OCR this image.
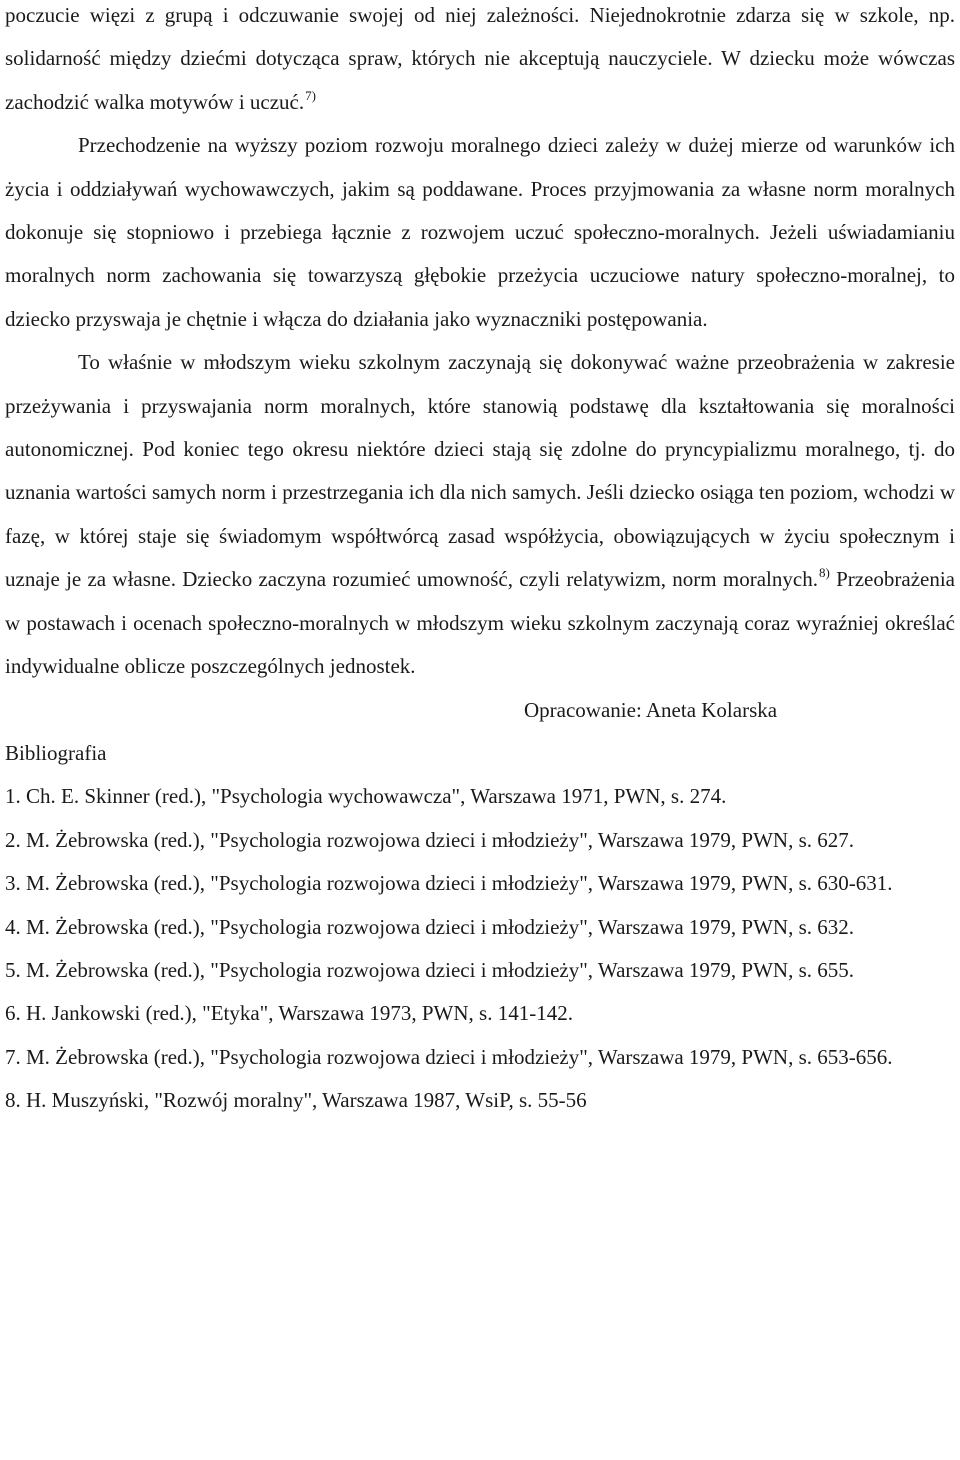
poczucie więzi z grupą i odczuwanie swojej od niej zależności. Niejednokrotnie zdarza się w szkole, np. solidarność między dziećmi dotycząca spraw, których nie akceptują nauczyciele. W dziecku może wówczas zachodzić walka motywów i uczuć.$^{7)}$

Przechodzenie na wyższy poziom rozwoju moralnego dzieci zależy w dużej mierze od warunków ich życia i oddziaływań wychowawczych, jakim są poddawane. Proces przyjmowania za własne norm moralnych dokonuje się stopniowo i przebiega łącznie z rozwojem uczuć społeczno-moralnych. Jeżeli uświadamianiu moralnych norm zachowania się towarzyszą głębokie przeżycia uczuciowe natury społeczno-moralnej, to dziecko przyswaja je chętnie i włącza do działania jako wyznaczniki postępowania.

To właśnie w młodszym wieku szkolnym zaczynają się dokonywać ważne przeobrażenia w zakresie przeżywania i przyswajania norm moralnych, które stanowią podstawę dla kształtowania się moralności autonomicznej. Pod koniec tego okresu niektóre dzieci stają się zdolne do pryncypializmu moralnego, tj. do uznania wartości samych norm i przestrzegania ich dla nich samych. Jeśli dziecko osiąga ten poziom, wchodzi w fazę, w której staje się świadomym współtwórcą zasad współżycia, obowiązujących w życiu społecznym i uznaje je za własne. Dziecko zaczyna rozumieć umowność, czyli relatywizm, norm moralnych.$^{8)}$ Przeobrażenia w postawach i ocenach społeczno-moralnych w młodszym wieku szkolnym zaczynają coraz wyraźniej określać indywidualne oblicze poszczególnych jednostek.

Opracowanie: Aneta Kolarska

Bibliografia

1. Ch. E. Skinner (red.), "Psychologia wychowawcza", Warszawa 1971, PWN, s. 274.
2. M. Żebrowska (red.), "Psychologia rozwojowa dzieci i młodzieży", Warszawa 1979, PWN, s. 627.
3. M. Żebrowska (red.), "Psychologia rozwojowa dzieci i młodzieży", Warszawa 1979, PWN, s. 630-631.
4. M. Żebrowska (red.), "Psychologia rozwojowa dzieci i młodzieży", Warszawa 1979, PWN, s. 632.
5. M. Żebrowska (red.), "Psychologia rozwojowa dzieci i młodzieży", Warszawa 1979, PWN, s. 655.
6. H. Jankowski (red.), "Etyka", Warszawa 1973, PWN, s. 141-142.
7. M. Żebrowska (red.), "Psychologia rozwojowa dzieci i młodzieży", Warszawa 1979, PWN, s. 653-656.
8. H. Muszyński, "Rozwój moralny", Warszawa 1987, WsiP, s. 55-56
